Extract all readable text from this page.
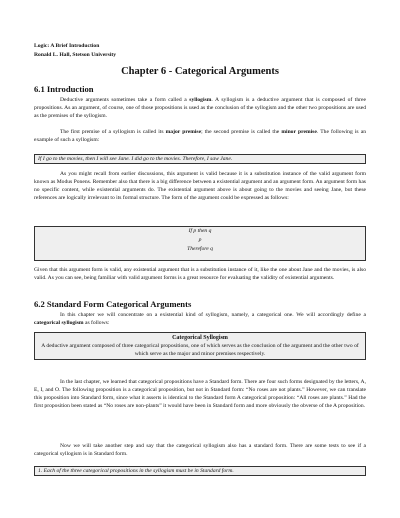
Logic: A Brief Introduction
Ronald L. Hall, Stetson University
Chapter 6 - Categorical Arguments
6.1 Introduction

Deductive arguments sometimes take a form called a syllogism. A syllogism is a deductive argument that is composed of three propositions. As an argument, of course, one of those propositions is used as the conclusion of the syllogism and the other two propositions are used as the premises of the syllogism.

The first premise of a syllogism is called its major premise; the second premise is called the minor premise. The following is an example of such a syllogism:

If I go to the movies, then I will see Jane. I did go to the movies. Therefore, I saw Jane.

As you might recall from earlier discussions, this argument is valid because it is a substitution instance of the valid argument form known as Modus Ponens. Remember also that there is a big difference between a existential argument and an argument form. An argument form has no specific content, while existential arguments do. The existential argument above is about going to the movies and seeing Jane, but these references are logically irrelevant to its formal structure. The form of the argument could be expressed as follows:

If p then q
p
Therefore q

Given that this argument form is valid, any existential argument that is a substitution instance of it, like the one about Jane and the movies, is also valid. As you can see, being familiar with valid argument forms is a great resource for evaluating the validity of existential arguments.

6.2 Standard Form Categorical Arguments

In this chapter we will concentrate on a existential kind of syllogism, namely, a categorical one. We will accordingly define a categorical syllogism as follows:

Categorical Syllogism
A deductive argument composed of three categorical propositions, one of which serves as the conclusion of the argument and the other two of which serve as the major and minor premises respectively.

In the last chapter, we learned that categorical propositions have a Standard form. There are four such forms designated by the letters, A, E, I, and O. The following proposition is a categorical proposition, but not in Standard form: “No roses are not plants.” However, we can translate this proposition into Standard form, since what it asserts is identical to the Standard form A categorical proposition: “All roses are plants.” Had the first proposition been stated as “No roses are non-plants” it would have been in Standard form and more obviously the obverse of the A proposition.

Now we will take another step and say that the categorical syllogism also has a standard form. There are some tests to see if a categorical syllogism is in Standard form.

1. Each of the three categorical propositions in the syllogism must be in Standard form.
